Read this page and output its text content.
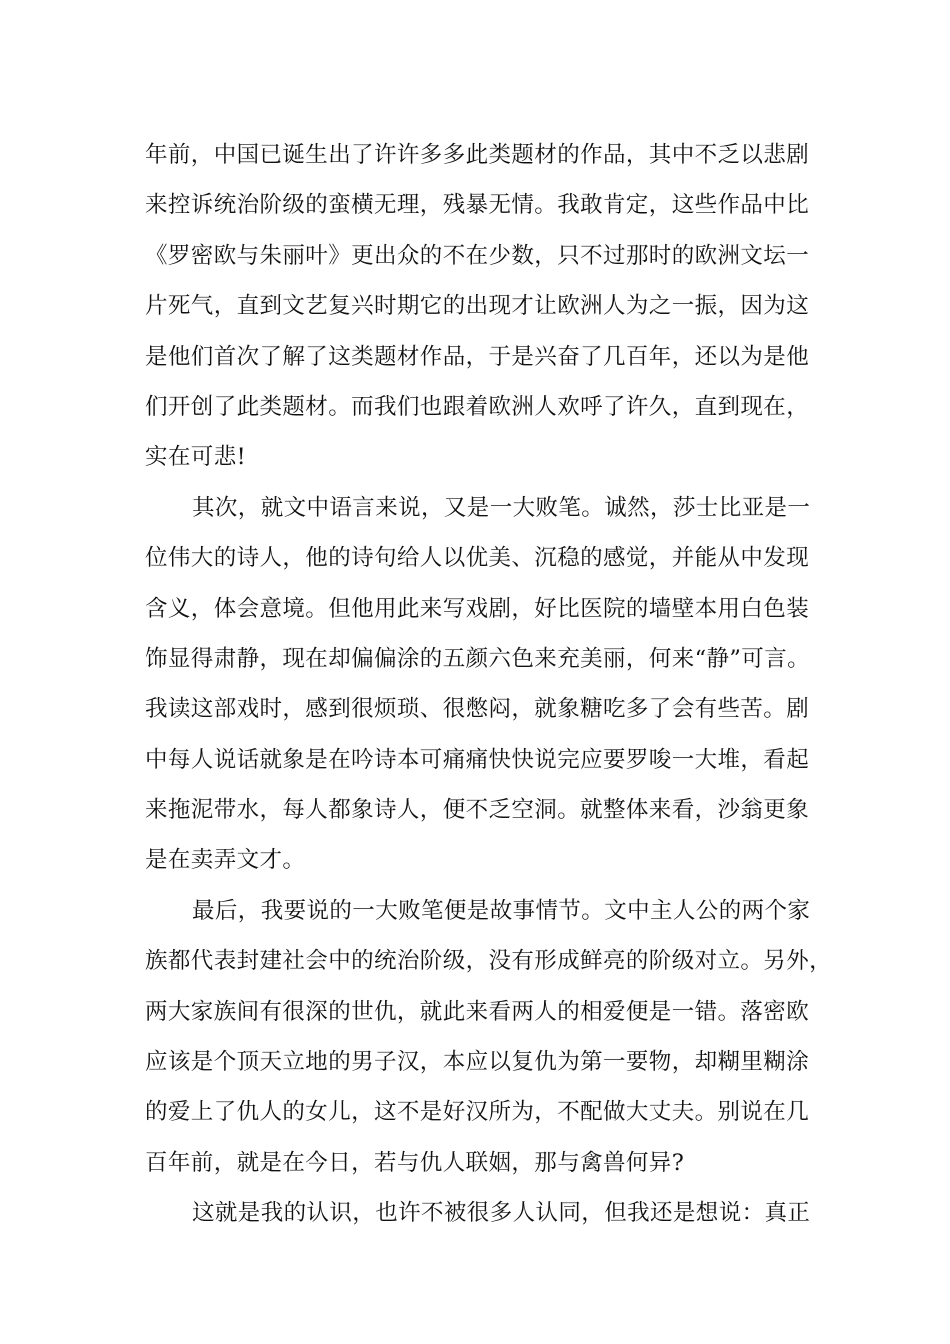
年前，中国已诞生出了许许多多此类题材的作品，其中不乏以悲剧
来控诉统治阶级的蛮横无理，残暴无情。我敢肯定，这些作品中比
《罗密欧与朱丽叶》更出众的不在少数，只不过那时的欧洲文坛一
片死气，直到文艺复兴时期它的出现才让欧洲人为之一振，因为这
是他们首次了解了这类题材作品，于是兴奋了几百年，还以为是他
们开创了此类题材。而我们也跟着欧洲人欢呼了许久，直到现在，
实在可悲!
其次，就文中语言来说，又是一大败笔。诚然，莎士比亚是一
位伟大的诗人，他的诗句给人以优美、沉稳的感觉，并能从中发现
含义，体会意境。但他用此来写戏剧，好比医院的墙壁本用白色装
饰显得肃静，现在却偏偏涂的五颜六色来充美丽，何来“静”可言。
我读这部戏时，感到很烦琐、很憋闷，就象糖吃多了会有些苦。剧
中每人说话就象是在吟诗本可痛痛快快说完应要罗唆一大堆，看起
来拖泥带水，每人都象诗人，便不乏空洞。就整体来看，沙翁更象
是在卖弄文才。
最后，我要说的一大败笔便是故事情节。文中主人公的两个家
族都代表封建社会中的统治阶级，没有形成鲜亮的阶级对立。另外，
两大家族间有很深的世仇，就此来看两人的相爱便是一错。落密欧
应该是个顶天立地的男子汉，本应以复仇为第一要物，却糊里糊涂
的爱上了仇人的女儿，这不是好汉所为，不配做大丈夫。别说在几
百年前，就是在今日，若与仇人联姻，那与禽兽何异?
这就是我的认识，也许不被很多人认同，但我还是想说：真正
